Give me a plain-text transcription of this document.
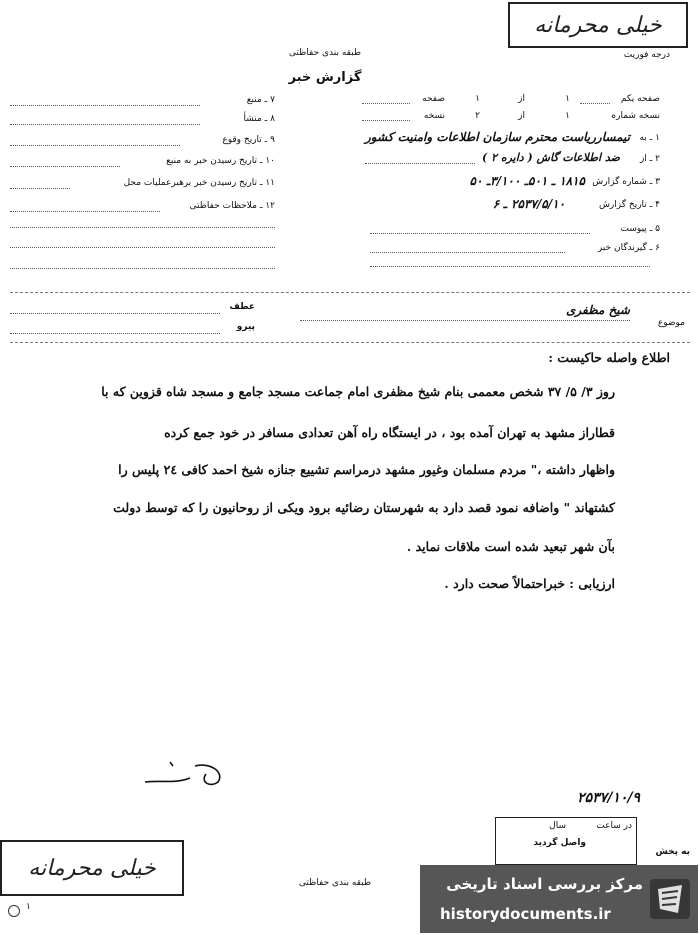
خیلی محرمانه
درجه فوریت
طبقه بندی حفاظتی
گزارش خبر
صفحه یکم
۱
از
۱
صفحه
نسخه شماره
۱
از
۲
نسخه
۱ ـ به
تیمسارریاست محترم سازمان اطلاعات وامنیت کشور
۲ ـ از
ضد اطلاعات گاش ( دایره ۲ )
۳ ـ شماره گزارش
۱۸۱۵ ـ ۵۰۱ـ ۳/۱۰۰ـ ۵۰
۴ ـ تاریخ گزارش
۲۵۳۷/۵/۱۰ ـ ۶
۵ ـ پیوست
۶ ـ گیرندگان خبر
۷ ـ منبع
۸ ـ منشأ
۹ ـ تاریخ وقوع
۱۰ ـ تاریخ رسیدن خبر به منبع
۱۱ ـ تاریخ رسیدن خبر برهبرعملیات محل
۱۲ ـ ملاحظات حفاظتی
موضوع
شیخ مظفری
عطف
پیرو
اطلاع واصله حاکیست :
روز ۳/ ۵/ ۳۷ شخص معممی بنام شیخ مظفری امام جماعت مسجد جامع و مسجد شاه قزوین که با
قطاراز مشهد به تهران آمده بود ، در ایستگاه راه آهن تعدادی مسافر در خود جمع کرده
واظهار داشته ،" مردم مسلمان وغیور مشهد درمراسم تشییع جنازه شیخ احمد کافی ۲٤ پلیس را
کشتهاند " واضافه نمود قصد دارد به شهرستان رضائیه برود ویکی از روحانیون را که توسط دولت
بآن شهر تبعید شده است ملاقات نماید .
ارزیابی : خبراحتمالاً صحت دارد .
۲۵۳۷/۱۰/۹
در ساعت
سال
واصل گردید
به پخش
خیلی محرمانه
۱
طبقه بندی حفاظتی	مرکز بررسی اسناد تاریخی
historydocuments.ir
